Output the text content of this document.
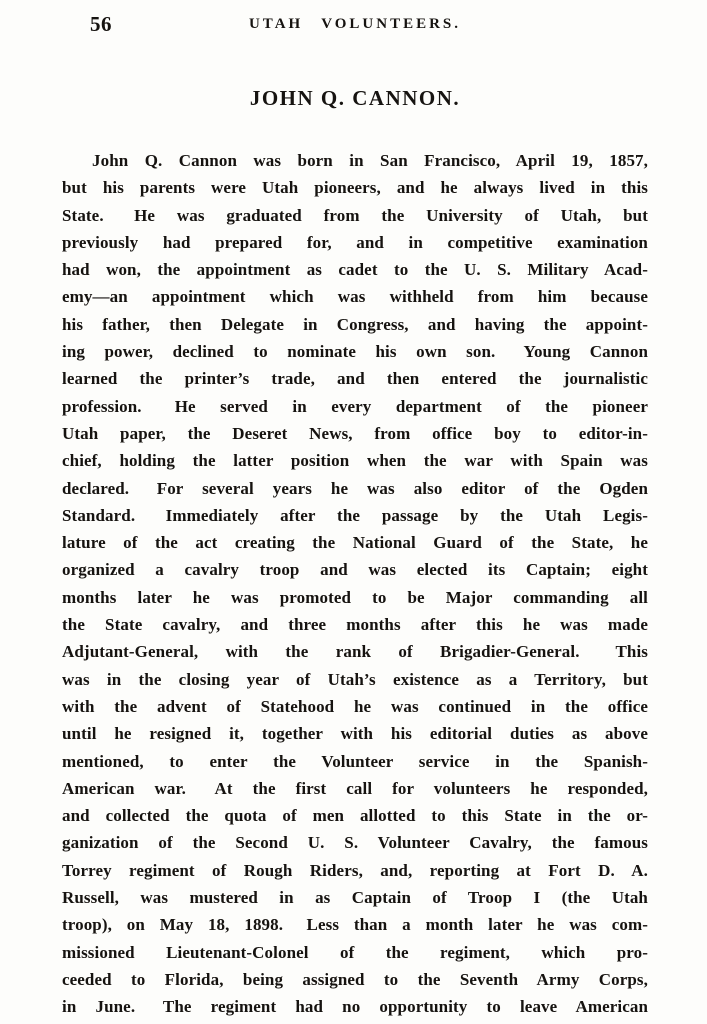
56	UTAH VOLUNTEERS.
JOHN Q. CANNON.
John Q. Cannon was born in San Francisco, April 19, 1857,
but his parents were Utah pioneers, and he always lived in this
State.  He was graduated from the University of Utah, but
previously had prepared for, and in competitive examination
had won, the appointment as cadet to the U. S. Military Acad-
emy—an appointment which was withheld from him because
his father, then Delegate in Congress, and having the appoint-
ing power, declined to nominate his own son.  Young Cannon
learned the printer’s trade, and then entered the journalistic
profession.  He served in every department of the pioneer
Utah paper, the Deseret News, from office boy to editor-in-
chief, holding the latter position when the war with Spain was
declared.  For several years he was also editor of the Ogden
Standard.  Immediately after the passage by the Utah Legis-
lature of the act creating the National Guard of the State, he
organized a cavalry troop and was elected its Captain; eight
months later he was promoted to be Major commanding all
the State cavalry, and three months after this he was made
Adjutant-General, with the rank of Brigadier-General.  This
was in the closing year of Utah’s existence as a Territory, but
with the advent of Statehood he was continued in the office
until he resigned it, together with his editorial duties as above
mentioned, to enter the Volunteer service in the Spanish-
American war.  At the first call for volunteers he responded,
and collected the quota of men allotted to this State in the or-
ganization of the Second U. S. Volunteer Cavalry, the famous
Torrey regiment of Rough Riders, and, reporting at Fort D. A.
Russell, was mustered in as Captain of Troop I (the Utah
troop), on May 18, 1898.  Less than a month later he was com-
missioned Lieutenant-Colonel of the regiment, which pro-
ceeded to Florida, being assigned to the Seventh Army Corps,
in June.  The regiment had no opportunity to leave American
